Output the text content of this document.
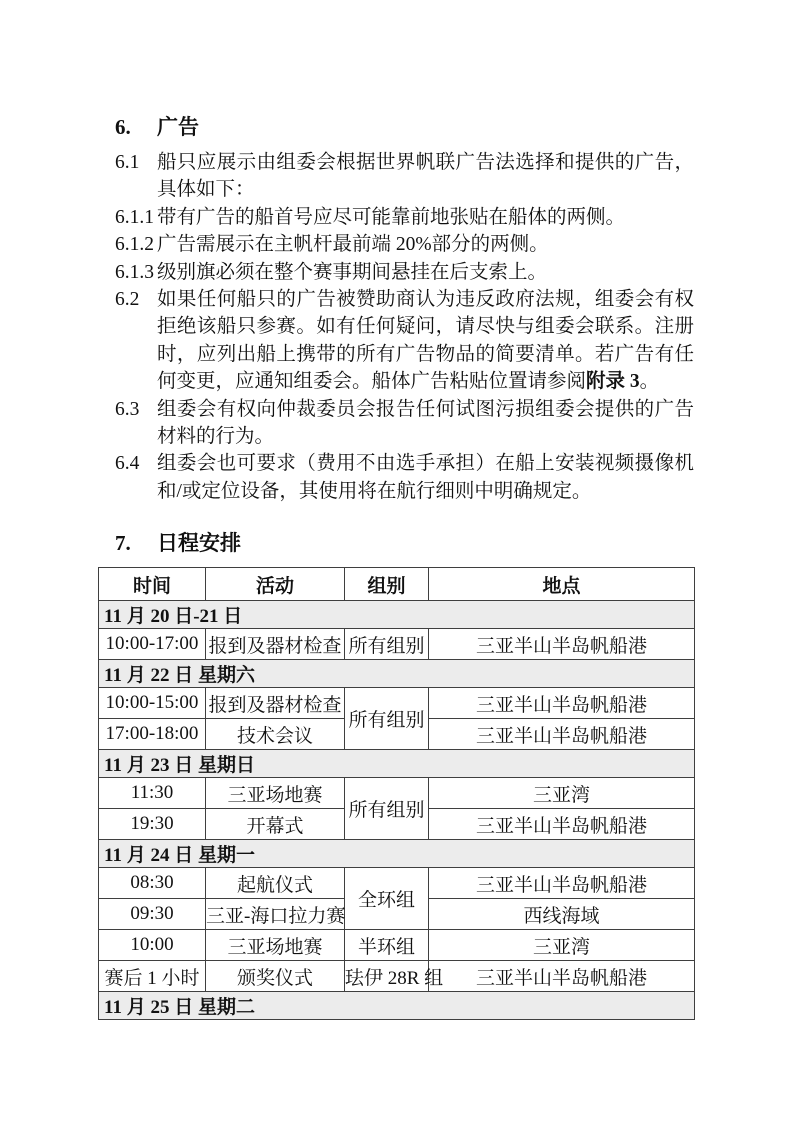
6.	广告
6.1 船只应展示由组委会根据世界帆联广告法选择和提供的广告，具体如下：
6.1.1 带有广告的船首号应尽可能靠前地张贴在船体的两侧。
6.1.2 广告需展示在主帆杆最前端 20%部分的两侧。
6.1.3 级别旗必须在整个赛事期间悬挂在后支索上。
6.2 如果任何船只的广告被赞助商认为违反政府法规，组委会有权拒绝该船只参赛。如有任何疑问，请尽快与组委会联系。注册时，应列出船上携带的所有广告物品的简要清单。若广告有任何变更，应通知组委会。船体广告粘贴位置请参阅附录 3。
6.3 组委会有权向仲裁委员会报告任何试图污损组委会提供的广告材料的行为。
6.4 组委会也可要求（费用不由选手承担）在船上安装视频摄像机和/或定位设备，其使用将在航行细则中明确规定。
7.	日程安排
时间	活动	组别	地点
11 月 20 日-21 日			
10:00-17:00	报到及器材检查	所有组别	三亚半山半岛帆船港
11 月 22 日 星期六			
10:00-15:00	报到及器材检查	所有组别	三亚半山半岛帆船港
17:00-18:00	技术会议		三亚半山半岛帆船港
11 月 23 日 星期日			
11:30	三亚场地赛	所有组别	三亚湾
19:30	开幕式		三亚半山半岛帆船港
11 月 24 日 星期一			
08:30	起航仪式	全环组	三亚半山半岛帆船港
09:30	三亚-海口拉力赛		西线海域
10:00	三亚场地赛	半环组	三亚湾
赛后 1 小时	颁奖仪式	珐伊 28R 组	三亚半山半岛帆船港
11 月 25 日 星期二			
